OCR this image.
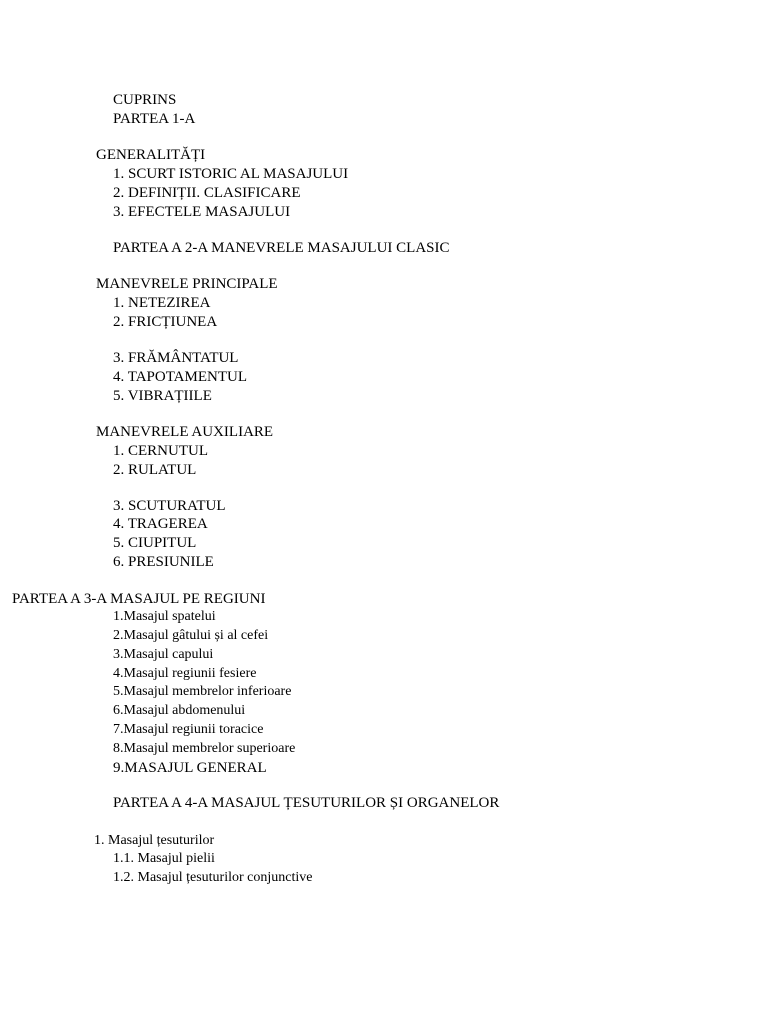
CUPRINS
PARTEA 1-A
GENERALITĂȚI
1. SCURT ISTORIC AL MASAJULUI
2. DEFINIȚII. CLASIFICARE
3. EFECTELE MASAJULUI
PARTEA A 2-A MANEVRELE MASAJULUI CLASIC
MANEVRELE PRINCIPALE
1. NETEZIREA
2. FRICȚIUNEA
3. FRĂMÂNTATUL
4. TAPOTAMENTUL
5. VIBRAȚIILE
MANEVRELE AUXILIARE
1. CERNUTUL
2. RULATUL
3. SCUTURATUL
4. TRAGEREA
5. CIUPITUL
6. PRESIUNILE
PARTEA A 3-A MASAJUL PE REGIUNI
1.Masajul spatelui
2.Masajul gâtului și al cefei
3.Masajul capului
4.Masajul regiunii fesiere
5.Masajul membrelor inferioare
6.Masajul abdomenului
7.Masajul regiunii toracice
8.Masajul membrelor superioare
9.MASAJUL GENERAL
PARTEA A 4-A MASAJUL ȚESUTURILOR ȘI ORGANELOR
1. Masajul țesuturilor
1.1. Masajul pielii
1.2. Masajul țesuturilor conjunctive
